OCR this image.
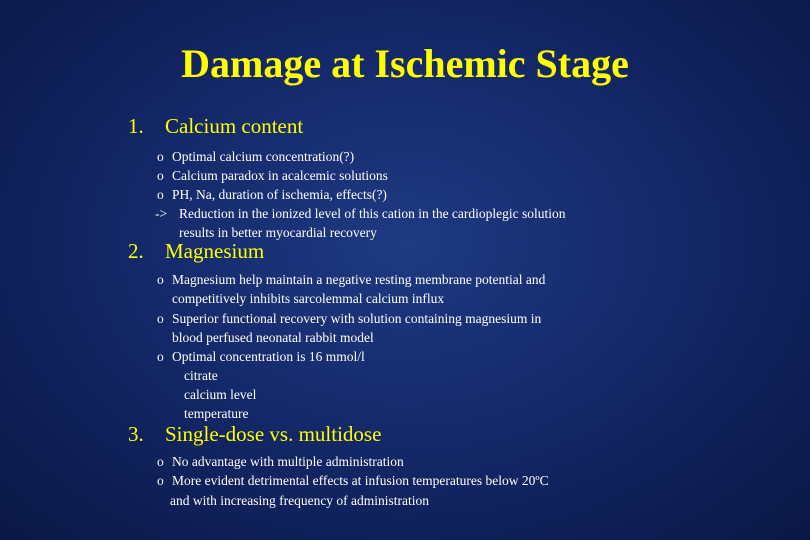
Damage at Ischemic Stage
1. Calcium content
o Optimal calcium concentration(?)
o Calcium paradox in acalcemic solutions
o PH, Na, duration of ischemia, effects(?)
-> Reduction in the ionized level of this cation in the cardioplegic solution
results in better myocardial recovery
2. Magnesium
o Magnesium help maintain a negative resting membrane potential and
competitively inhibits sarcolemmal calcium influx
o Superior functional recovery with solution containing magnesium in
blood perfused neonatal rabbit model
o Optimal concentration is 16 mmol/l
citrate
calcium level
temperature
3. Single-dose vs. multidose
o No advantage with multiple administration
o More evident detrimental effects at infusion temperatures below 20ºC
and with increasing frequency of administration
